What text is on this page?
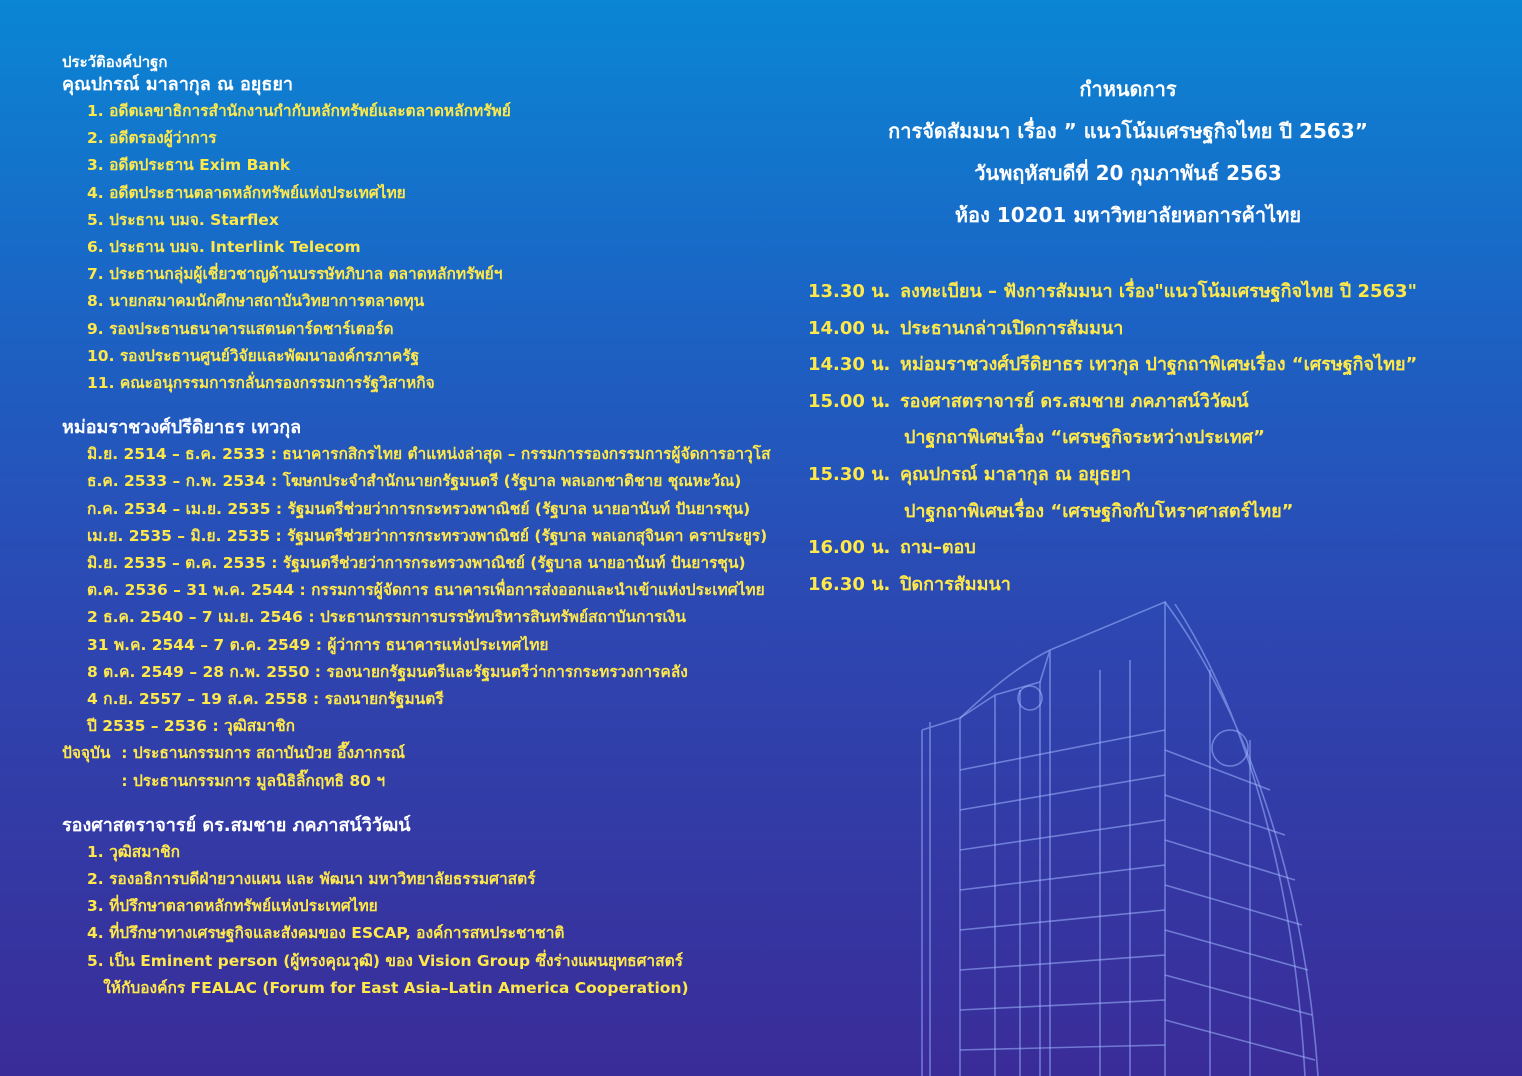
ประวัติองค์ปาฐก
คุณปกรณ์ มาลากุล ณ อยุธยา
1. อดีตเลขาธิการสำนักงานกำกับหลักทรัพย์และตลาดหลักทรัพย์
2. อดีตรองผู้ว่าการ
3. อดีตประธาน Exim Bank
4. อดีตประธานตลาดหลักทรัพย์แห่งประเทศไทย
5. ประธาน บมจ. Starflex
6. ประธาน บมจ. Interlink Telecom
7. ประธานกลุ่มผู้เชี่ยวชาญด้านบรรษัทภิบาล ตลาดหลักทรัพย์ฯ
8. นายกสมาคมนักศึกษาสถาบันวิทยาการตลาดทุน
9. รองประธานธนาคารแสตนดาร์ดชาร์เตอร์ด
10. รองประธานศูนย์วิจัยและพัฒนาองค์กรภาครัฐ
11. คณะอนุกรรมการกลั่นกรองกรรมการรัฐวิสาหกิจ
หม่อมราชวงศ์ปรีดิยาธร เทวกุล
มิ.ย. 2514 – ธ.ค. 2533 : ธนาคารกสิกรไทย ตำแหน่งล่าสุด – กรรมการรองกรรมการผู้จัดการอาวุโส
ธ.ค. 2533 – ก.พ. 2534 : โฆษกประจำสำนักนายกรัฐมนตรี (รัฐบาล พลเอกชาติชาย ชุณหะวัณ)
ก.ค. 2534 – เม.ย. 2535 : รัฐมนตรีช่วยว่าการกระทรวงพาณิชย์ (รัฐบาล นายอานันท์ ปันยารชุน)
เม.ย. 2535 – มิ.ย. 2535 : รัฐมนตรีช่วยว่าการกระทรวงพาณิชย์ (รัฐบาล พลเอกสุจินดา คราประยูร)
มิ.ย. 2535 – ต.ค. 2535 : รัฐมนตรีช่วยว่าการกระทรวงพาณิชย์ (รัฐบาล นายอานันท์ ปันยารชุน)
ต.ค. 2536 – 31 พ.ค. 2544 : กรรมการผู้จัดการ ธนาคารเพื่อการส่งออกและนำเข้าแห่งประเทศไทย
2 ธ.ค. 2540 – 7 เม.ย. 2546 : ประธานกรรมการบรรษัทบริหารสินทรัพย์สถาบันการเงิน
31 พ.ค. 2544 – 7 ต.ค. 2549 : ผู้ว่าการ ธนาคารแห่งประเทศไทย
8 ต.ค. 2549 – 28 ก.พ. 2550 : รองนายกรัฐมนตรีและรัฐมนตรีว่าการกระทรวงการคลัง
4 ก.ย. 2557 – 19 ส.ค. 2558 : รองนายกรัฐมนตรี
ปี 2535 – 2536 : วุฒิสมาชิก
ปัจจุบัน  : ประธานกรรมการ สถาบันป๋วย อึ๊งภากรณ์
: ประธานกรรมการ มูลนิธิลิ๊กฤทธิ 80 ฯ
รองศาสตราจารย์ ดร.สมชาย ภคภาสน์วิวัฒน์
1. วุฒิสมาชิก
2. รองอธิการบดีฝ่ายวางแผน และ พัฒนา มหาวิทยาลัยธรรมศาสตร์
3. ที่ปรึกษาตลาดหลักทรัพย์แห่งประเทศไทย
4. ที่ปรึกษาทางเศรษฐกิจและสังคมของ ESCAP, องค์การสหประชาชาติ
5. เป็น Eminent person (ผู้ทรงคุณวุฒิ) ของ Vision Group ซึ่งร่างแผนยุทธศาสตร์
ให้กับองค์กร FEALAC (Forum for East Asia–Latin America Cooperation)
กำหนดการ
การจัดสัมมนา เรื่อง ” แนวโน้มเศรษฐกิจไทย ปี 2563”
วันพฤหัสบดีที่ 20 กุมภาพันธ์ 2563
ห้อง 10201 มหาวิทยาลัยหอการค้าไทย
13.30 น. ลงทะเบียน – ฟังการสัมมนา เรื่อง"แนวโน้มเศรษฐกิจไทย ปี 2563"
14.00 น. ประธานกล่าวเปิดการสัมมนา
14.30 น. หม่อมราชวงศ์ปรีดิยาธร เทวกุล ปาฐกถาพิเศษเรื่อง “เศรษฐกิจไทย”
15.00 น. รองศาสตราจารย์ ดร.สมชาย ภคภาสน์วิวัฒน์
ปาฐกถาพิเศษเรื่อง “เศรษฐกิจระหว่างประเทศ”
15.30 น. คุณปกรณ์ มาลากุล ณ อยุธยา
ปาฐกถาพิเศษเรื่อง “เศรษฐกิจกับโหราศาสตร์ไทย”
16.00 น. ถาม–ตอบ
16.30 น. ปิดการสัมมนา
